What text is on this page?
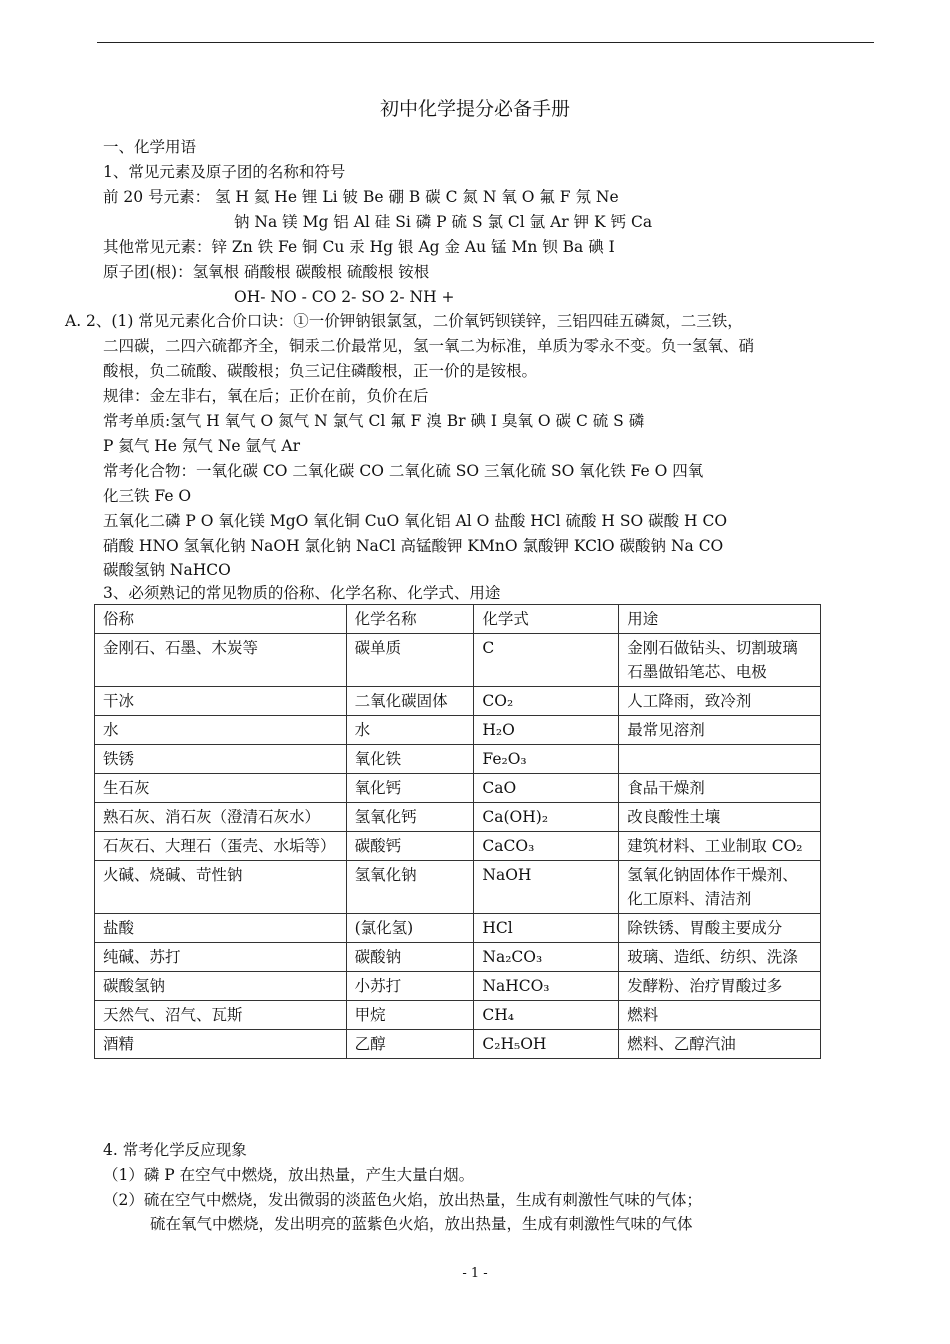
初中化学提分必备手册
一、化学用语
1、常见元素及原子团的名称和符号
前 20 号元素： 氢 H 氦 He 锂 Li 铍 Be 硼 B 碳 C 氮 N 氧 O 氟 F 氖 Ne
钠 Na 镁 Mg 铝 Al 硅 Si 磷 P 硫 S 氯 Cl 氩 Ar 钾 K 钙 Ca
其他常见元素：锌 Zn 铁 Fe 铜 Cu 汞 Hg 银 Ag 金 Au 锰 Mn 钡 Ba 碘 I
原子团(根)：氢氧根 硝酸根 碳酸根 硫酸根 铵根
OH- NO - CO 2- SO 2- NH +
A. 2、(1) 常见元素化合价口诀：①一价钾钠银氯氢，二价氧钙钡镁锌，三铝四硅五磷氮，二三铁，
二四碳，二四六硫都齐全，铜汞二价最常见，氢一氧二为标准，单质为零永不变。负一氢氧、硝
酸根，负二硫酸、碳酸根；负三记住磷酸根，正一价的是铵根。
规律：金左非右，氧在后；正价在前，负价在后
常考单质:氢气 H 氧气 O 氮气 N 氯气 Cl 氟 F 溴 Br 碘 I 臭氧 O 碳 C 硫 S 磷
P 氦气 He 氖气 Ne 氩气 Ar
常考化合物：一氧化碳 CO 二氧化碳 CO 二氧化硫 SO 三氧化硫 SO 氧化铁 Fe O 四氧
化三铁 Fe O
五氧化二磷 P O 氧化镁 MgO 氧化铜 CuO 氧化铝 Al O 盐酸 HCl 硫酸 H SO 碳酸 H CO
硝酸 HNO 氢氧化钠 NaOH 氯化钠 NaCl 高锰酸钾 KMnO 氯酸钾 KClO 碳酸钠 Na CO
碳酸氢钠 NaHCO
3、必须熟记的常见物质的俗称、化学名称、化学式、用途
俗称	化学名称	化学式	用途
金刚石、石墨、木炭等	碳单质	C	金刚石做钻头、切割玻璃
石墨做铅笔芯、电极
干冰	二氧化碳固体	CO₂	人工降雨，致冷剂
水	水	H₂O	最常见溶剂
铁锈	氧化铁	Fe₂O₃	
生石灰	氧化钙	CaO	食品干燥剂
熟石灰、消石灰（澄清石灰水）	氢氧化钙	Ca(OH)₂	改良酸性土壤
石灰石、大理石（蛋壳、水垢等）	碳酸钙	CaCO₃	建筑材料、工业制取 CO₂
火碱、烧碱、苛性钠	氢氧化钠	NaOH	氢氧化钠固体作干燥剂、化工原料、清洁剂
盐酸	(氯化氢)	HCl	除铁锈、胃酸主要成分
纯碱、苏打	碳酸钠	Na₂CO₃	玻璃、造纸、纺织、洗涤
碳酸氢钠	小苏打	NaHCO₃	发酵粉、治疗胃酸过多
天然气、沼气、瓦斯	甲烷	CH₄	燃料
酒精	乙醇	C₂H₅OH	燃料、乙醇汽油
4. 常考化学反应现象
（1）磷 P 在空气中燃烧，放出热量，产生大量白烟。
（2）硫在空气中燃烧，发出微弱的淡蓝色火焰，放出热量，生成有刺激性气味的气体；
硫在氧气中燃烧，发出明亮的蓝紫色火焰，放出热量，生成有刺激性气味的气体
- 1 -
